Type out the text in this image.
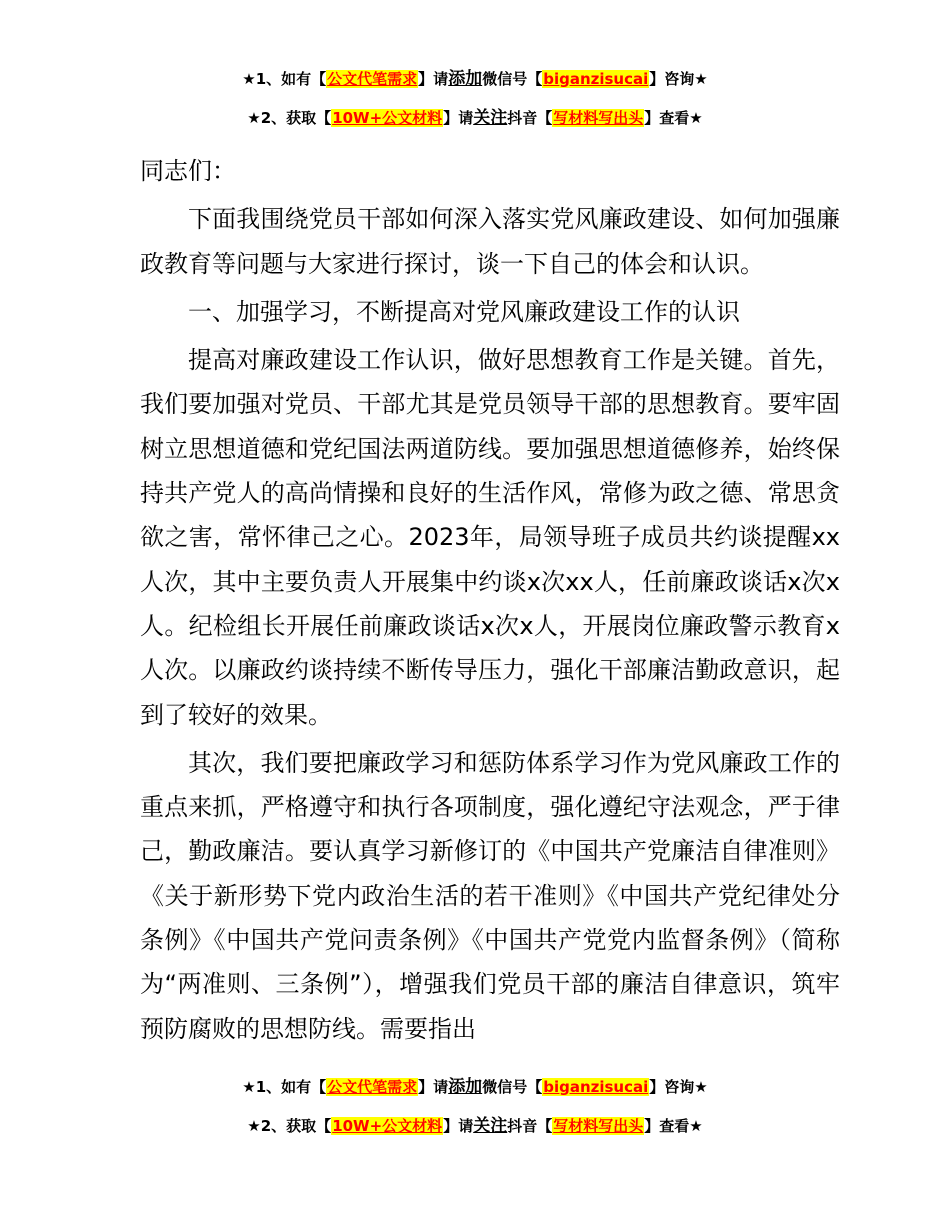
★1、如有【公文代笔需求】请添加微信号【biganzisucai】咨询★
★2、获取【10W+公文材料】请关注抖音【写材料写出头】查看★

同志们：

下面我围绕党员干部如何深入落实党风廉政建设、如何加强廉政教育等问题与大家进行探讨，谈一下自己的体会和认识。

一、加强学习，不断提高对党风廉政建设工作的认识

提高对廉政建设工作认识，做好思想教育工作是关键。首先，我们要加强对党员、干部尤其是党员领导干部的思想教育。要牢固树立思想道德和党纪国法两道防线。要加强思想道德修养，始终保持共产党人的高尚情操和良好的生活作风，常修为政之德、常思贪欲之害，常怀律己之心。2023年，局领导班子成员共约谈提醒xx人次，其中主要负责人开展集中约谈x次xx人，任前廉政谈话x次x人。纪检组长开展任前廉政谈话x次x人，开展岗位廉政警示教育x人次。以廉政约谈持续不断传导压力，强化干部廉洁勤政意识，起到了较好的效果。

其次，我们要把廉政学习和惩防体系学习作为党风廉政工作的重点来抓，严格遵守和执行各项制度，强化遵纪守法观念，严于律己，勤政廉洁。要认真学习新修订的《中国共产党廉洁自律准则》《关于新形势下党内政治生活的若干准则》《中国共产党纪律处分条例》《中国共产党问责条例》《中国共产党党内监督条例》（简称为“两准则、三条例”），增强我们党员干部的廉洁自律意识，筑牢预防腐败的思想防线。需要指出

★1、如有【公文代笔需求】请添加微信号【biganzisucai】咨询★
★2、获取【10W+公文材料】请关注抖音【写材料写出头】查看★
